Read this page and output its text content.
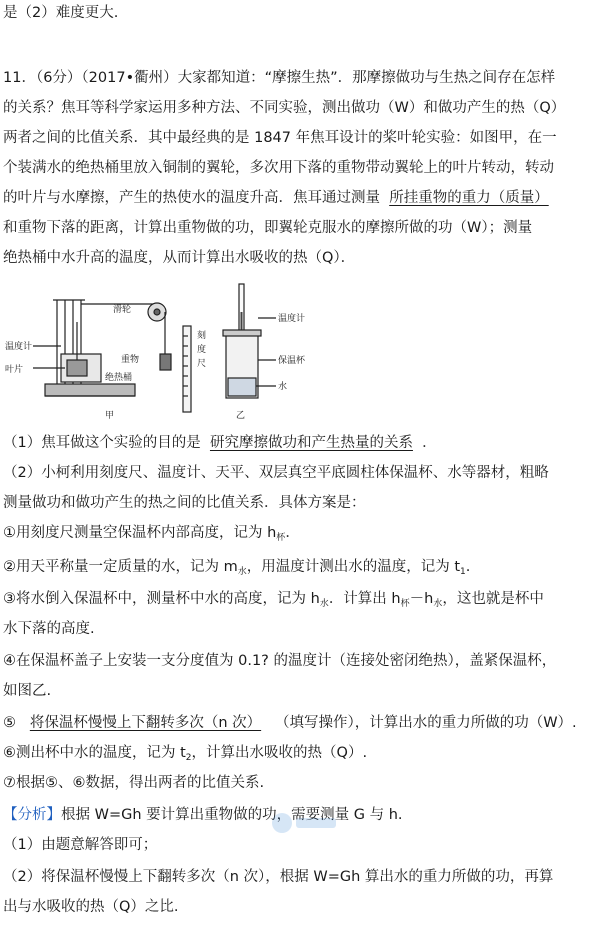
是（2）难度更大.
11．（6分）（2017•衢州）大家都知道：“摩擦生热”．那摩擦做功与生热之间存在怎样
的关系？焦耳等科学家运用多种方法、不同实验，测出做功（W）和做功产生的热（Q）
两者之间的比值关系．其中最经典的是 1847 年焦耳设计的桨叶轮实验：如图甲，在一
个装满水的绝热桶里放入铜制的翼轮，多次用下落的重物带动翼轮上的叶片转动，转动
的叶片与水摩擦，产生的热使水的温度升高．焦耳通过测量 所挂重物的重力（质量）
和重物下落的距离，计算出重物做的功，即翼轮克服水的摩擦所做的功（W）；测量
绝热桶中水升高的温度，从而计算出水吸收的热（Q）．
温度计
叶片
滑轮
重物
绝热桶
刻
度
尺
甲
温度计
保温杯
水
乙
（1）焦耳做这个实验的目的是 研究摩擦做功和产生热量的关系 ．
（2）小柯利用刻度尺、温度计、天平、双层真空平底圆柱体保温杯、水等器材，粗略
测量做功和做功产生的热之间的比值关系．具体方案是：
①用刻度尺测量空保温杯内部高度，记为 $h_杯$．
②用天平称量一定质量的水，记为 $m_水$，用温度计测出水的温度，记为 $t_1$.
③将水倒入保温杯中，测量杯中水的高度，记为 $h_水$．计算出 $h_杯-h_水$，这也就是杯中
水下落的高度.
④在保温杯盖子上安装一支分度值为 0.1? 的温度计（连接处密闭绝热），盖紧保温杯，
如图乙.
⑤ 将保温杯慢慢上下翻转多次（n 次） （填写操作），计算出水的重力所做的功（W）.
⑥测出杯中水的温度，记为 $t_2$，计算出水吸收的热（Q）.
⑦根据⑤、⑥数据，得出两者的比值关系.
【分析】根据 W=Gh 要计算出重物做的功，需要测量 G 与 h.
（1）由题意解答即可；
（2）将保温杯慢慢上下翻转多次（n 次），根据 W=Gh 算出水的重力所做的功，再算
出与水吸收的热（Q）之比.
